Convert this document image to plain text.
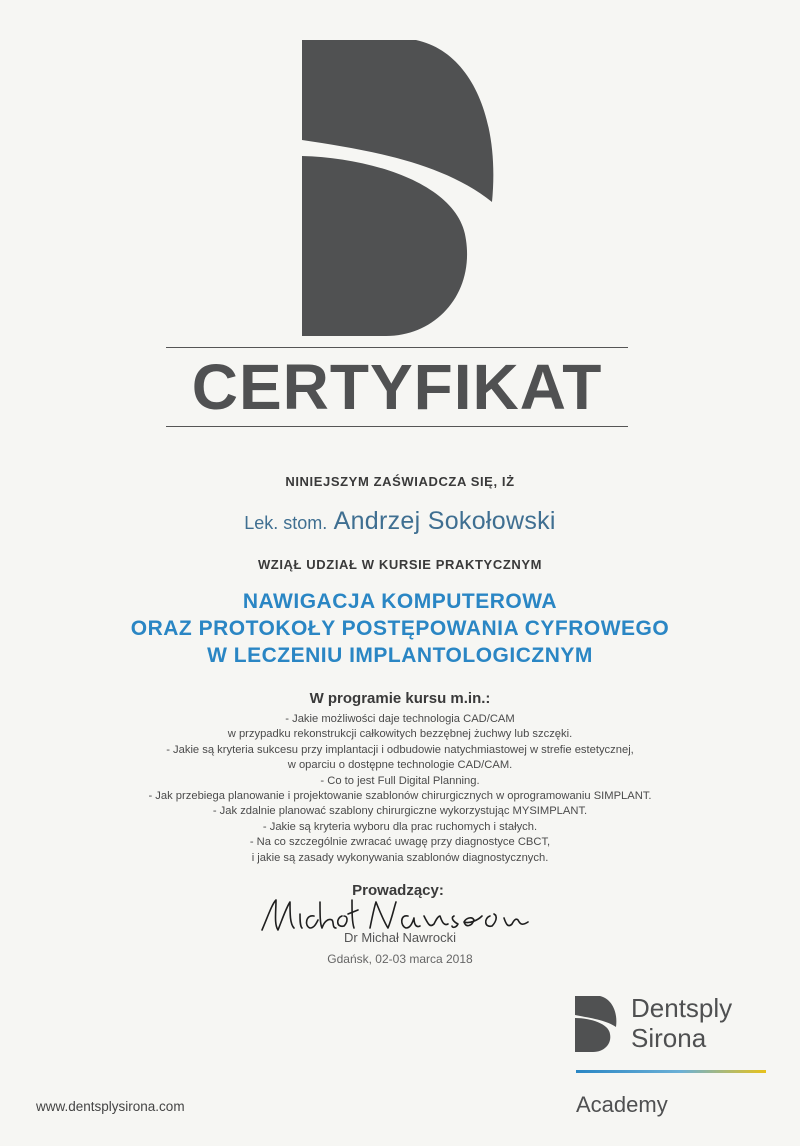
CERTYFIKAT
NINIEJSZYM ZAŚWIADCZA SIĘ, IŻ
Lek. stom. Andrzej Sokołowski
WZIĄŁ UDZIAŁ W KURSIE PRAKTYCZNYM
NAWIGACJA KOMPUTEROWA
ORAZ PROTOKOŁY POSTĘPOWANIA CYFROWEGO
W LECZENIU IMPLANTOLOGICZNYM
W programie kursu m.in.:
- Jakie możliwości daje technologia CAD/CAM
w przypadku rekonstrukcji całkowitych bezzębnej żuchwy lub szczęki.
- Jakie są kryteria sukcesu przy implantacji i odbudowie natychmiastowej w strefie estetycznej,
w oparciu o dostępne technologie CAD/CAM.
- Co to jest Full Digital Planning.
- Jak przebiega planowanie i projektowanie szablonów chirurgicznych w oprogramowaniu SIMPLANT.
- Jak zdalnie planować szablony chirurgiczne wykorzystując MYSIMPLANT.
- Jakie są kryteria wyboru dla prac ruchomych i stałych.
- Na co szczególnie zwracać uwagę przy diagnostyce CBCT,
i jakie są zasady wykonywania szablonów diagnostycznych.
Prowadzący:
Dr Michał Nawrocki
Gdańsk, 02-03 marca 2018
Dentsply
Sirona
Academy
www.dentsplysirona.com
